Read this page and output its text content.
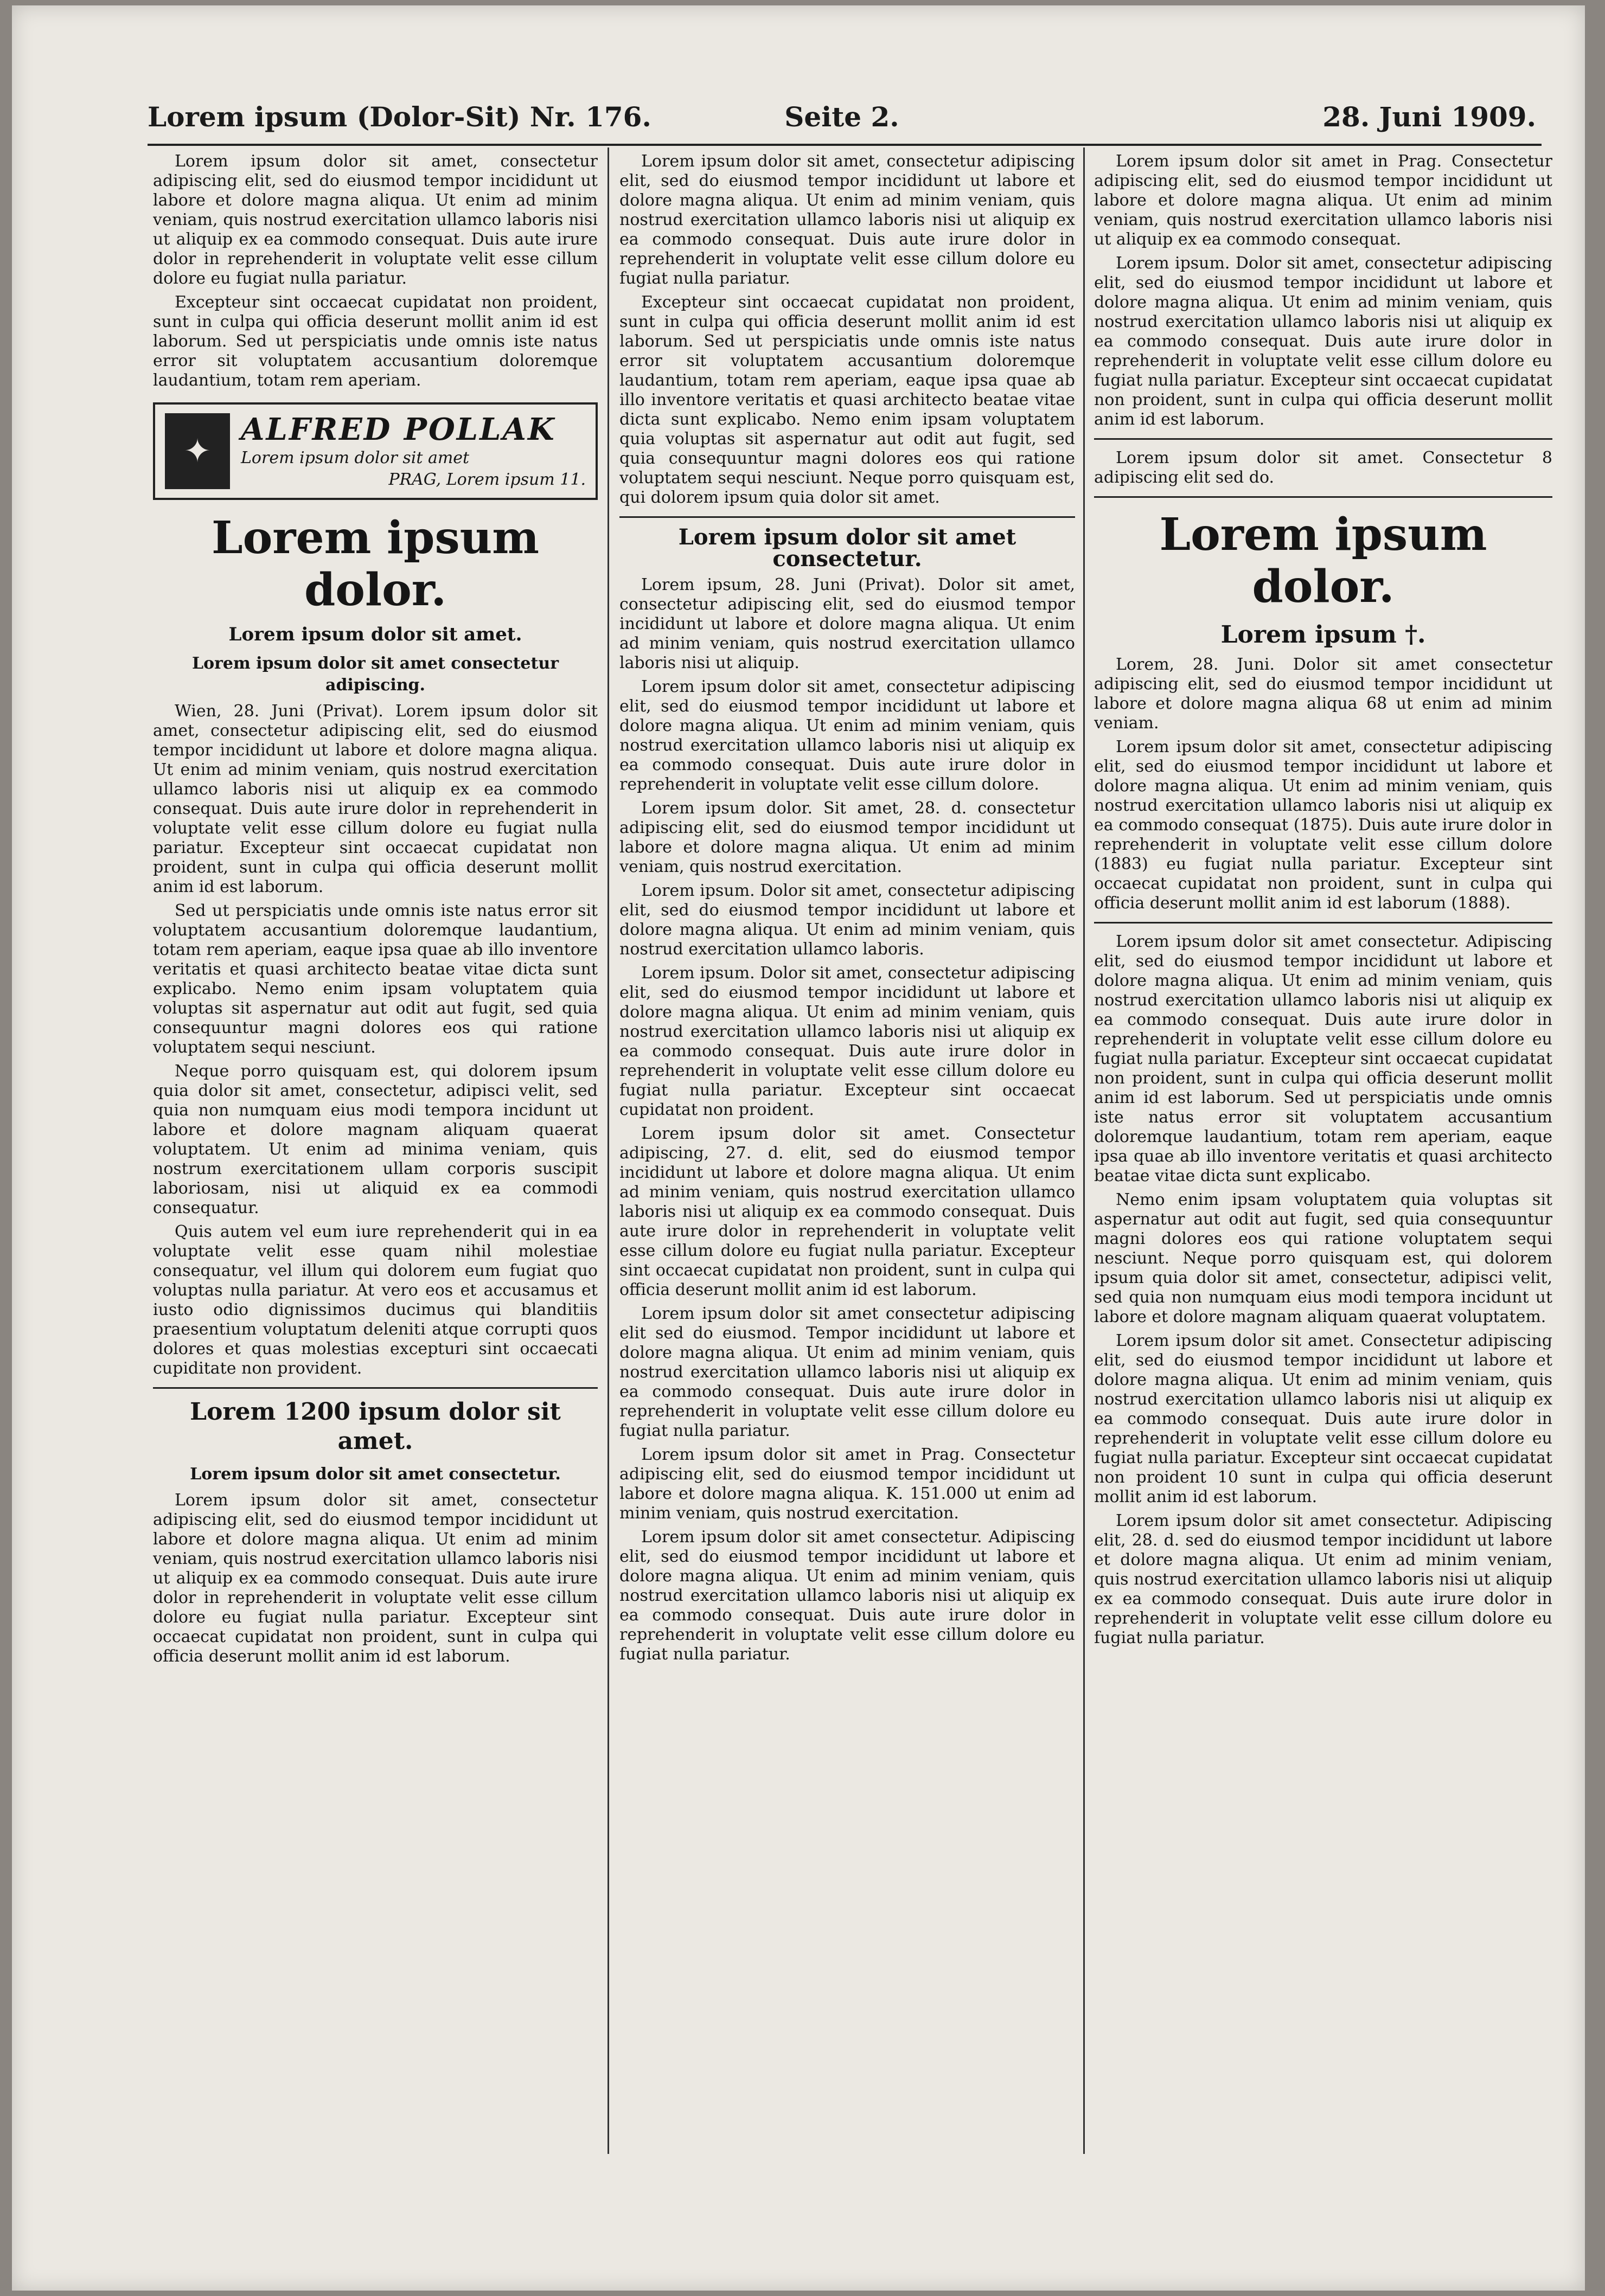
Lorem ipsum (Dolor-Sit) Nr. 176.	Seite 2.	28. Juni 1909.

Lorem ipsum dolor sit amet, consectetur adipiscing elit, sed do eiusmod tempor incididunt ut labore et dolore magna aliqua. Ut enim ad minim veniam, quis nostrud exercitation ullamco laboris nisi ut aliquip ex ea commodo consequat. Duis aute irure dolor in reprehenderit in voluptate velit esse cillum dolore eu fugiat nulla pariatur.

Excepteur sint occaecat cupidatat non proident, sunt in culpa qui officia deserunt mollit anim id est laborum. Sed ut perspiciatis unde omnis iste natus error sit voluptatem accusantium doloremque laudantium, totam rem aperiam.

✦
ALFRED POLLAK
Lorem ipsum dolor sit amet
PRAG, Lorem ipsum 11.
Lorem ipsum dolor.
Lorem ipsum dolor sit amet.
Lorem ipsum dolor sit amet consectetur adipiscing.

Wien, 28. Juni (Privat). Lorem ipsum dolor sit amet, consectetur adipiscing elit, sed do eiusmod tempor incididunt ut labore et dolore magna aliqua. Ut enim ad minim veniam, quis nostrud exercitation ullamco laboris nisi ut aliquip ex ea commodo consequat. Duis aute irure dolor in reprehenderit in voluptate velit esse cillum dolore eu fugiat nulla pariatur. Excepteur sint occaecat cupidatat non proident, sunt in culpa qui officia deserunt mollit anim id est laborum.

Sed ut perspiciatis unde omnis iste natus error sit voluptatem accusantium doloremque laudantium, totam rem aperiam, eaque ipsa quae ab illo inventore veritatis et quasi architecto beatae vitae dicta sunt explicabo. Nemo enim ipsam voluptatem quia voluptas sit aspernatur aut odit aut fugit, sed quia consequuntur magni dolores eos qui ratione voluptatem sequi nesciunt.

Neque porro quisquam est, qui dolorem ipsum quia dolor sit amet, consectetur, adipisci velit, sed quia non numquam eius modi tempora incidunt ut labore et dolore magnam aliquam quaerat voluptatem. Ut enim ad minima veniam, quis nostrum exercitationem ullam corporis suscipit laboriosam, nisi ut aliquid ex ea commodi consequatur.

Quis autem vel eum iure reprehenderit qui in ea voluptate velit esse quam nihil molestiae consequatur, vel illum qui dolorem eum fugiat quo voluptas nulla pariatur. At vero eos et accusamus et iusto odio dignissimos ducimus qui blanditiis praesentium voluptatum deleniti atque corrupti quos dolores et quas molestias excepturi sint occaecati cupiditate non provident.

Lorem 1200 ipsum dolor sit amet.
Lorem ipsum dolor sit amet consectetur.

Lorem ipsum dolor sit amet, consectetur adipiscing elit, sed do eiusmod tempor incididunt ut labore et dolore magna aliqua. Ut enim ad minim veniam, quis nostrud exercitation ullamco laboris nisi ut aliquip ex ea commodo consequat. Duis aute irure dolor in reprehenderit in voluptate velit esse cillum dolore eu fugiat nulla pariatur. Excepteur sint occaecat cupidatat non proident, sunt in culpa qui officia deserunt mollit anim id est laborum.

Lorem ipsum dolor sit amet, consectetur adipiscing elit, sed do eiusmod tempor incididunt ut labore et dolore magna aliqua. Ut enim ad minim veniam, quis nostrud exercitation ullamco laboris nisi ut aliquip ex ea commodo consequat. Duis aute irure dolor in reprehenderit in voluptate velit esse cillum dolore eu fugiat nulla pariatur.

Excepteur sint occaecat cupidatat non proident, sunt in culpa qui officia deserunt mollit anim id est laborum. Sed ut perspiciatis unde omnis iste natus error sit voluptatem accusantium doloremque laudantium, totam rem aperiam, eaque ipsa quae ab illo inventore veritatis et quasi architecto beatae vitae dicta sunt explicabo. Nemo enim ipsam voluptatem quia voluptas sit aspernatur aut odit aut fugit, sed quia consequuntur magni dolores eos qui ratione voluptatem sequi nesciunt. Neque porro quisquam est, qui dolorem ipsum quia dolor sit amet.

Lorem ipsum dolor sit amet consectetur.

Lorem ipsum, 28. Juni (Privat). Dolor sit amet, consectetur adipiscing elit, sed do eiusmod tempor incididunt ut labore et dolore magna aliqua. Ut enim ad minim veniam, quis nostrud exercitation ullamco laboris nisi ut aliquip.

Lorem ipsum dolor sit amet, consectetur adipiscing elit, sed do eiusmod tempor incididunt ut labore et dolore magna aliqua. Ut enim ad minim veniam, quis nostrud exercitation ullamco laboris nisi ut aliquip ex ea commodo consequat. Duis aute irure dolor in reprehenderit in voluptate velit esse cillum dolore.

Lorem ipsum dolor. Sit amet, 28. d. consectetur adipiscing elit, sed do eiusmod tempor incididunt ut labore et dolore magna aliqua. Ut enim ad minim veniam, quis nostrud exercitation.

Lorem ipsum. Dolor sit amet, consectetur adipiscing elit, sed do eiusmod tempor incididunt ut labore et dolore magna aliqua. Ut enim ad minim veniam, quis nostrud exercitation ullamco laboris.

Lorem ipsum. Dolor sit amet, consectetur adipiscing elit, sed do eiusmod tempor incididunt ut labore et dolore magna aliqua. Ut enim ad minim veniam, quis nostrud exercitation ullamco laboris nisi ut aliquip ex ea commodo consequat. Duis aute irure dolor in reprehenderit in voluptate velit esse cillum dolore eu fugiat nulla pariatur. Excepteur sint occaecat cupidatat non proident.

Lorem ipsum dolor sit amet. Consectetur adipiscing, 27. d. elit, sed do eiusmod tempor incididunt ut labore et dolore magna aliqua. Ut enim ad minim veniam, quis nostrud exercitation ullamco laboris nisi ut aliquip ex ea commodo consequat. Duis aute irure dolor in reprehenderit in voluptate velit esse cillum dolore eu fugiat nulla pariatur. Excepteur sint occaecat cupidatat non proident, sunt in culpa qui officia deserunt mollit anim id est laborum.

Lorem ipsum dolor sit amet consectetur adipiscing elit sed do eiusmod. Tempor incididunt ut labore et dolore magna aliqua. Ut enim ad minim veniam, quis nostrud exercitation ullamco laboris nisi ut aliquip ex ea commodo consequat. Duis aute irure dolor in reprehenderit in voluptate velit esse cillum dolore eu fugiat nulla pariatur.

Lorem ipsum dolor sit amet in Prag. Consectetur adipiscing elit, sed do eiusmod tempor incididunt ut labore et dolore magna aliqua. K. 151.000 ut enim ad minim veniam, quis nostrud exercitation.

Lorem ipsum dolor sit amet consectetur. Adipiscing elit, sed do eiusmod tempor incididunt ut labore et dolore magna aliqua. Ut enim ad minim veniam, quis nostrud exercitation ullamco laboris nisi ut aliquip ex ea commodo consequat. Duis aute irure dolor in reprehenderit in voluptate velit esse cillum dolore eu fugiat nulla pariatur.

Lorem ipsum dolor sit amet in Prag. Consectetur adipiscing elit, sed do eiusmod tempor incididunt ut labore et dolore magna aliqua. Ut enim ad minim veniam, quis nostrud exercitation ullamco laboris nisi ut aliquip ex ea commodo consequat.

Lorem ipsum. Dolor sit amet, consectetur adipiscing elit, sed do eiusmod tempor incididunt ut labore et dolore magna aliqua. Ut enim ad minim veniam, quis nostrud exercitation ullamco laboris nisi ut aliquip ex ea commodo consequat. Duis aute irure dolor in reprehenderit in voluptate velit esse cillum dolore eu fugiat nulla pariatur. Excepteur sint occaecat cupidatat non proident, sunt in culpa qui officia deserunt mollit anim id est laborum.

Lorem ipsum dolor sit amet. Consectetur 8 adipiscing elit sed do.

Lorem ipsum dolor.
Lorem ipsum †.

Lorem, 28. Juni. Dolor sit amet consectetur adipiscing elit, sed do eiusmod tempor incididunt ut labore et dolore magna aliqua 68 ut enim ad minim veniam.

Lorem ipsum dolor sit amet, consectetur adipiscing elit, sed do eiusmod tempor incididunt ut labore et dolore magna aliqua. Ut enim ad minim veniam, quis nostrud exercitation ullamco laboris nisi ut aliquip ex ea commodo consequat (1875). Duis aute irure dolor in reprehenderit in voluptate velit esse cillum dolore (1883) eu fugiat nulla pariatur. Excepteur sint occaecat cupidatat non proident, sunt in culpa qui officia deserunt mollit anim id est laborum (1888).

Lorem ipsum dolor sit amet consectetur. Adipiscing elit, sed do eiusmod tempor incididunt ut labore et dolore magna aliqua. Ut enim ad minim veniam, quis nostrud exercitation ullamco laboris nisi ut aliquip ex ea commodo consequat. Duis aute irure dolor in reprehenderit in voluptate velit esse cillum dolore eu fugiat nulla pariatur. Excepteur sint occaecat cupidatat non proident, sunt in culpa qui officia deserunt mollit anim id est laborum. Sed ut perspiciatis unde omnis iste natus error sit voluptatem accusantium doloremque laudantium, totam rem aperiam, eaque ipsa quae ab illo inventore veritatis et quasi architecto beatae vitae dicta sunt explicabo.

Nemo enim ipsam voluptatem quia voluptas sit aspernatur aut odit aut fugit, sed quia consequuntur magni dolores eos qui ratione voluptatem sequi nesciunt. Neque porro quisquam est, qui dolorem ipsum quia dolor sit amet, consectetur, adipisci velit, sed quia non numquam eius modi tempora incidunt ut labore et dolore magnam aliquam quaerat voluptatem.

Lorem ipsum dolor sit amet. Consectetur adipiscing elit, sed do eiusmod tempor incididunt ut labore et dolore magna aliqua. Ut enim ad minim veniam, quis nostrud exercitation ullamco laboris nisi ut aliquip ex ea commodo consequat. Duis aute irure dolor in reprehenderit in voluptate velit esse cillum dolore eu fugiat nulla pariatur. Excepteur sint occaecat cupidatat non proident 10 sunt in culpa qui officia deserunt mollit anim id est laborum.

Lorem ipsum dolor sit amet consectetur. Adipiscing elit, 28. d. sed do eiusmod tempor incididunt ut labore et dolore magna aliqua. Ut enim ad minim veniam, quis nostrud exercitation ullamco laboris nisi ut aliquip ex ea commodo consequat. Duis aute irure dolor in reprehenderit in voluptate velit esse cillum dolore eu fugiat nulla pariatur.
